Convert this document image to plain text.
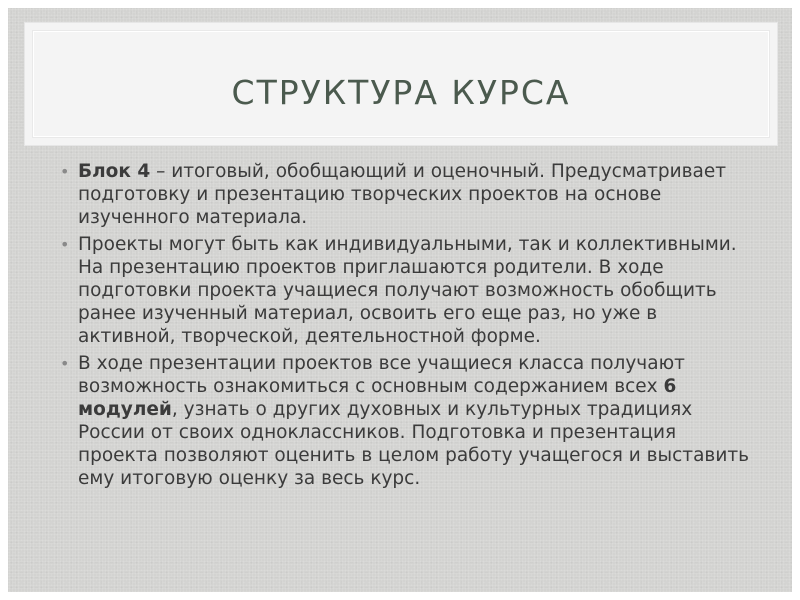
СТРУКТУРА КУРСА
• Блок 4 – итоговый, обобщающий и оценочный. Предусматривает подготовку и презентацию творческих проектов на основе изученного материала.
• Проекты могут быть как индивидуальными, так и коллективными. На презентацию проектов приглашаются родители. В ходе подготовки проекта учащиеся получают возможность обобщить ранее изученный материал, освоить его еще раз, но уже в активной, творческой, деятельностной форме.
• В ходе презентации проектов все учащиеся класса получают возможность ознакомиться с основным содержанием всех 6 модулей, узнать о других духовных и культурных традициях России от своих одноклассников. Подготовка и презентация проекта позволяют оценить в целом работу учащегося и выставить ему итоговую оценку за весь курс.
